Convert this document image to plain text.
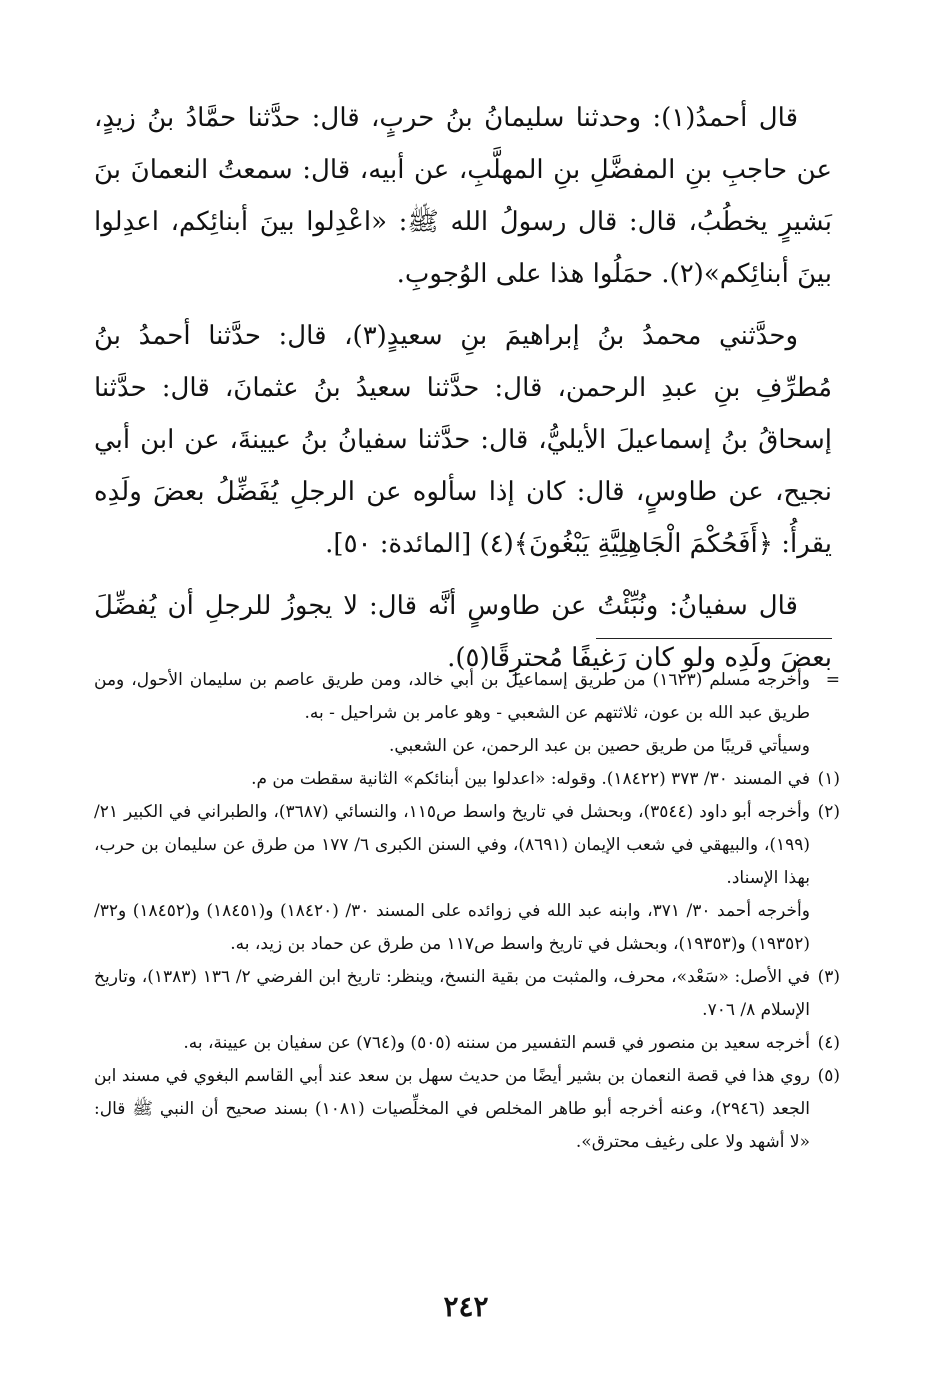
قال أحمدُ(١): وحدثنا سليمانُ بنُ حربٍ، قال: حدَّثنا حمَّادُ بنُ زيدٍ، عن حاجبِ بنِ المفضَّلِ بنِ المهلَّبِ، عن أبيه، قال: سمعتُ النعمانَ بنَ بَشيرٍ يخطُبُ، قال: قال رسولُ الله ﷺ: «اعْدِلوا بينَ أبنائِكم، اعدِلوا بينَ أبنائِكم»(٢). حمَلُوا هذا على الوُجوبِ.

وحدَّثني محمدُ بنُ إبراهيمَ بنِ سعيدٍ(٣)، قال: حدَّثنا أحمدُ بنُ مُطرِّفِ بنِ عبدِ الرحمن، قال: حدَّثنا سعيدُ بنُ عثمانَ، قال: حدَّثنا إسحاقُ بنُ إسماعيلَ الأيليُّ، قال: حدَّثنا سفيانُ بنُ عيينةَ، عن ابن أبي نجيح، عن طاوسٍ، قال: كان إذا سألوه عن الرجلِ يُفَضِّلُ بعضَ ولَدِه يقرأُ: ﴿أَفَحُكْمَ الْجَاهِلِيَّةِ يَبْغُونَ﴾(٤) [المائدة: ٥٠].

قال سفيانُ: ونُبِّئْتُ عن طاوسٍ أنَّه قال: لا يجوزُ للرجلِ أن يُفضِّلَ بعضَ ولَدِه ولو كان رَغيفًا مُحترِقًا(٥).

=
وأخرجه مسلم (١٦٢٣) من طريق إسماعيل بن أبي خالد، ومن طريق عاصم بن سليمان الأحول، ومن طريق عبد الله بن عون، ثلاثتهم عن الشعبي - وهو عامر بن شراحيل - به.
وسيأتي قريبًا من طريق حصين بن عبد الرحمن، عن الشعبي.
(١)
في المسند ٣٠/ ٣٧٣ (١٨٤٢٢). وقوله: «اعدلوا بين أبنائكم» الثانية سقطت من م.
(٢)
وأخرجه أبو داود (٣٥٤٤)، وبحشل في تاريخ واسط ص١١٥، والنسائي (٣٦٨٧)، والطبراني في الكبير ٢١/ (١٩٩)، والبيهقي في شعب الإيمان (٨٦٩١)، وفي السنن الكبرى ٦/ ١٧٧ من طرق عن سليمان بن حرب، بهذا الإسناد.
وأخرجه أحمد ٣٠/ ٣٧١، وابنه عبد الله في زوائده على المسند ٣٠/ (١٨٤٢٠) و(١٨٤٥١) و(١٨٤٥٢) و٣٢/ (١٩٣٥٢) و(١٩٣٥٣)، وبحشل في تاريخ واسط ص١١٧ من طرق عن حماد بن زيد، به.
(٣)
في الأصل: «سَعْد»، محرف، والمثبت من بقية النسخ، وينظر: تاريخ ابن الفرضي ٢/ ١٣٦ (١٣٨٣)، وتاريخ الإسلام ٨/ ٧٠٦.
(٤)
أخرجه سعيد بن منصور في قسم التفسير من سننه (٥٠٥) و(٧٦٤) عن سفيان بن عيينة، به.
(٥)
روي هذا في قصة النعمان بن بشير أيضًا من حديث سهل بن سعد عند أبي القاسم البغوي في مسند ابن الجعد (٢٩٤٦)، وعنه أخرجه أبو طاهر المخلص في المخلِّصيات (١٠٨١) بسند صحيح أن النبي ﷺ قال: «لا أشهد ولا على رغيف محترق».
٢٤٢
